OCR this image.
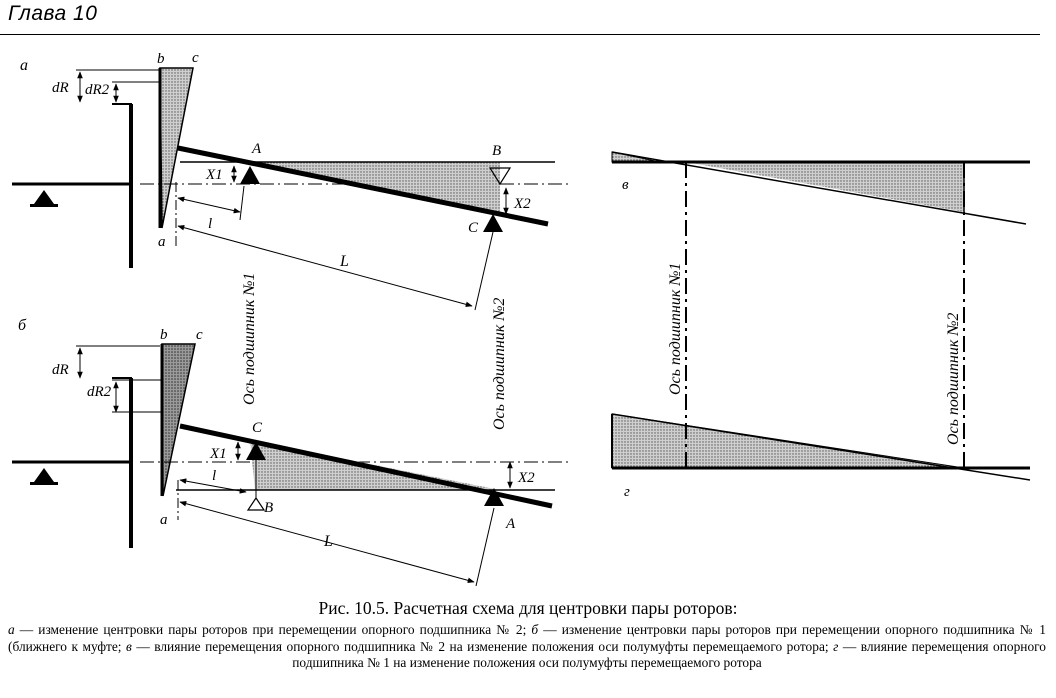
Глава 10
а
dR dR2
b c
a
A
X1
B
C
X2
l
L
б
dR
dR2
b c
a
C
B
X1
A
X2
l
L
Ось подшипник №1	Ось подшипник №2
в
г
Ось подшипник №1	Ось подшипник №2
Рис. 10.5. Расчетная схема для центровки пары роторов:
а — изменение центровки пары роторов при перемещении опорного подшипника № 2; б — изменение центровки пары роторов при перемещении опорного подшипника № 1 (ближнего к муфте; в — влияние перемещения опорного подшипника № 2 на изменение положения оси полумуфты перемещаемого ротора; г — влияние перемещения опорного подшипника № 1 на изменение положения оси полумуфты перемещаемого ротора
